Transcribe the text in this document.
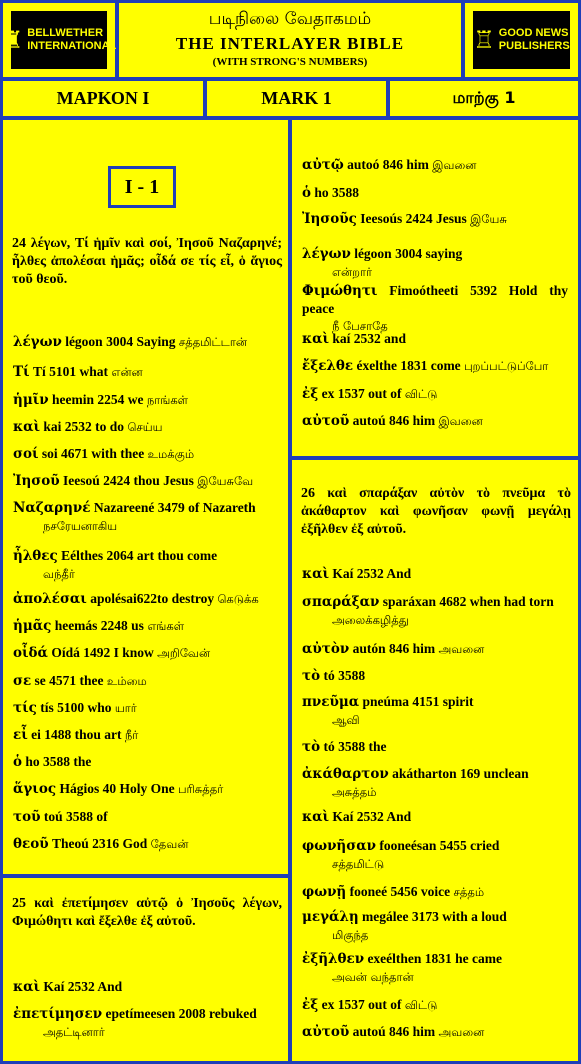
♜ BELLWETHER
INTERNATIONAL
படிநிலை வேதாகமம்
THE INTERLAYER BIBLE
(WITH STRONG'S NUMBERS)
♖ GOOD NEWS
PUBLISHERS
ΜΑΡΚΟΝ Ι	MARK 1	மாற்கு 1
I - 1
24 λέγων, Τί ἡμῖν καὶ σοί, Ἰησοῦ Ναζαρηνέ; ἦλθες ἀπολέσαι ἡμᾶς; οἶδά σε τίς εἶ, ὁ ἅγιος τοῦ θεοῦ.
λέγων légoon 3004 Saying சத்தமிட்டான்
Τί Tí 5101 what என்ன
ἡμῖν heemin 2254 we நாங்கள்
καὶ kai 2532 to do செய்ய
σοί soi 4671 with thee உமக்கும்
Ἰησοῦ Ieesoú 2424 thou Jesus இயேசுவே
Ναζαρηνέ Nazareené 3479 of Nazareth
நசரேயனாகிய
ἦλθες Eélthes 2064 art thou come
வந்தீர்
ἀπολέσαι apolésai622to destroy கெடுக்க
ἡμᾶς heemás 2248 us எங்கள்
οἶδά Oídá 1492 I know அறிவேன்
σε se 4571 thee உம்மை
τίς tís 5100 who யார்
εἶ ei 1488 thou art நீர்
ὁ ho 3588 the
ἅγιος Hágios 40 Holy One பரிசுத்தர்
τοῦ toú 3588 of
θεοῦ Theoú 2316 God தேவன்
25 καὶ ἐπετίμησεν αὐτῷ ὁ Ἰησοῦς λέγων, Φιμώθητι καὶ ἔξελθε ἐξ αὐτοῦ.
καὶ Kaí 2532 And
ἐπετίμησεν epetímeesen 2008 rebuked
அதட்டினார்
αὐτῷ autoó 846 him இவனை
ὁ ho 3588
Ἰησοῦς Ieesoús 2424 Jesus இயேசு
λέγων légoon 3004 saying
என்றார்
Φιμώθητι Fimoótheeti 5392 Hold thy peace
நீ பேசாதே
καὶ kaí 2532 and
ἔξελθε éxelthe 1831 come புறப்பட்டுப்போ
ἐξ ex 1537 out of விட்டு
αὐτοῦ autoú 846 him இவனை
26 καὶ σπαράξαν αὐτὸν τὸ πνεῦμα τὸ ἀκάθαρτον καὶ φωνῆσαν φωνῇ μεγάλῃ ἐξῆλθεν ἐξ αὐτοῦ.
καὶ Kaí 2532 And
σπαράξαν sparáxan 4682 when had torn
அலைக்கழித்து
αὐτὸν autón 846 him அவனை
τὸ tó 3588
πνεῦμα pneúma 4151 spirit
ஆவி
τὸ tó 3588 the
ἀκάθαρτον akátharton 169 unclean
அசுத்தம்
καὶ Kaí 2532 And
φωνῆσαν fooneésan 5455 cried
சத்தமிட்டு
φωνῇ fooneé 5456 voice சத்தம்
μεγάλῃ megálee 3173 with a loud
மிகுந்த
ἐξῆλθεν exeélthen 1831 he came
அவன் வந்தான்
ἐξ ex 1537 out of விட்டு
αὐτοῦ autoú 846 him அவனை
